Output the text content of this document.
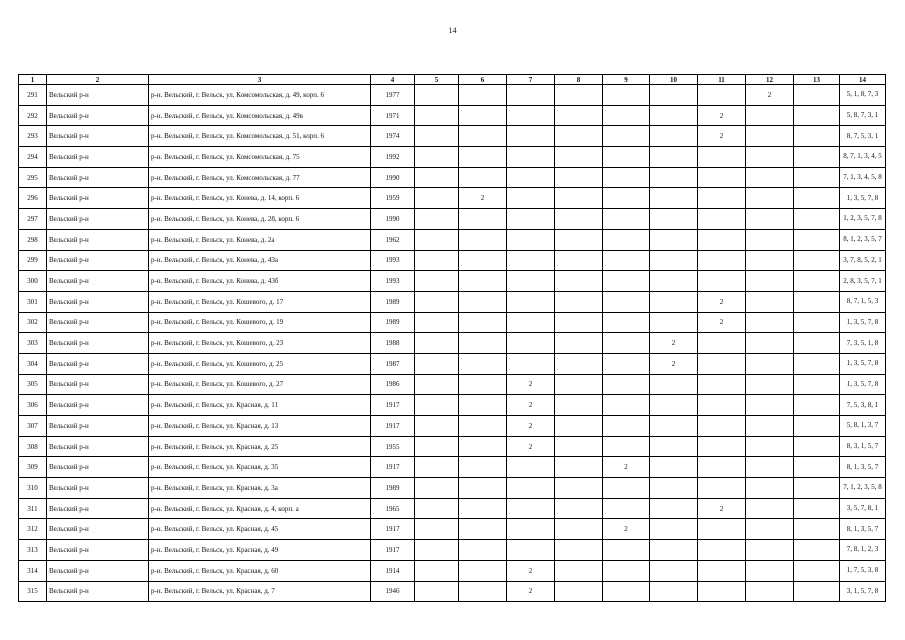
14
1	2	3	4	5	6	7	8	9	10	11	12	13	14
291	Вельский р-н	р-н. Вельский, г. Вельск, ул. Комсомольская, д. 49, корп. 6	1977								2		5, 1, 8, 7, 3
292	Вельский р-н	р-н. Вельский, г. Вельск, ул. Комсомольская, д. 49в	1971							2			5, 8, 7, 3, 1
293	Вельский р-н	р-н. Вельский, г. Вельск, ул. Комсомольская, д. 51, корп. 6	1974							2			8, 7, 5, 3, 1
294	Вельский р-н	р-н. Вельский, г. Вельск, ул. Комсомольская, д. 75	1992										8, 7, 1, 3, 4, 5
295	Вельский р-н	р-н. Вельский, г. Вельск, ул. Комсомольская, д. 77	1990										7, 1, 3, 4, 5, 8
296	Вельский р-н	р-н. Вельский, г. Вельск, ул. Конева, д. 14, корп. 6	1959		2								1, 3, 5, 7, 8
297	Вельский р-н	р-н. Вельский, г. Вельск, ул. Конева, д. 28, корп. 6	1990										1, 2, 3, 5, 7, 8
298	Вельский р-н	р-н. Вельский, г. Вельск, ул. Конева, д. 2а	1962										8, 1, 2, 3, 5, 7
299	Вельский р-н	р-н. Вельский, г. Вельск, ул. Конева, д. 43а	1993										3, 7, 8, 5, 2, 1
300	Вельский р-н	р-н. Вельский, г. Вельск, ул. Конева, д. 43б	1993										2, 8, 3, 5, 7, 1
301	Вельский р-н	р-н. Вельский, г. Вельск, ул. Кошевого, д. 17	1989							2			8, 7, 1, 5, 3
302	Вельский р-н	р-н. Вельский, г. Вельск, ул. Кошевого, д. 19	1989							2			1, 3, 5, 7, 8
303	Вельский р-н	р-н. Вельский, г. Вельск, ул. Кошевого, д. 23	1988						2				7, 3, 5, 1, 8
304	Вельский р-н	р-н. Вельский, г. Вельск, ул. Кошевого, д. 25	1987						2				1, 3, 5, 7, 8
305	Вельский р-н	р-н. Вельский, г. Вельск, ул. Кошевого, д. 27	1986			2							1, 3, 5, 7, 8
306	Вельский р-н	р-н. Вельский, г. Вельск, ул. Красная, д. 11	1917			2							7, 5, 3, 8, 1
307	Вельский р-н	р-н. Вельский, г. Вельск, ул. Красная, д. 13	1917			2							5, 8, 1, 3, 7
308	Вельский р-н	р-н. Вельский, г. Вельск, ул. Красная, д. 25	1955			2							8, 3, 1, 5, 7
309	Вельский р-н	р-н. Вельский, г. Вельск, ул. Красная, д. 35	1917					2					8, 1, 3, 5, 7
310	Вельский р-н	р-н. Вельский, г. Вельск, ул. Красная, д. 3а	1989										7, 1, 2, 3, 5, 8
311	Вельский р-н	р-н. Вельский, г. Вельск, ул. Красная, д. 4, корп. а	1965							2			3, 5, 7, 8, 1
312	Вельский р-н	р-н. Вельский, г. Вельск, ул. Красная, д. 45	1917					2					8, 1, 3, 5, 7
313	Вельский р-н	р-н. Вельский, г. Вельск, ул. Красная, д. 49	1917										7, 8, 1, 2, 3
314	Вельский р-н	р-н. Вельский, г. Вельск, ул. Красная, д. 60	1914			2							1, 7, 5, 3, 8
315	Вельский р-н	р-н. Вельский, г. Вельск, ул. Красная, д. 7	1946			2							3, 1, 5, 7, 8
